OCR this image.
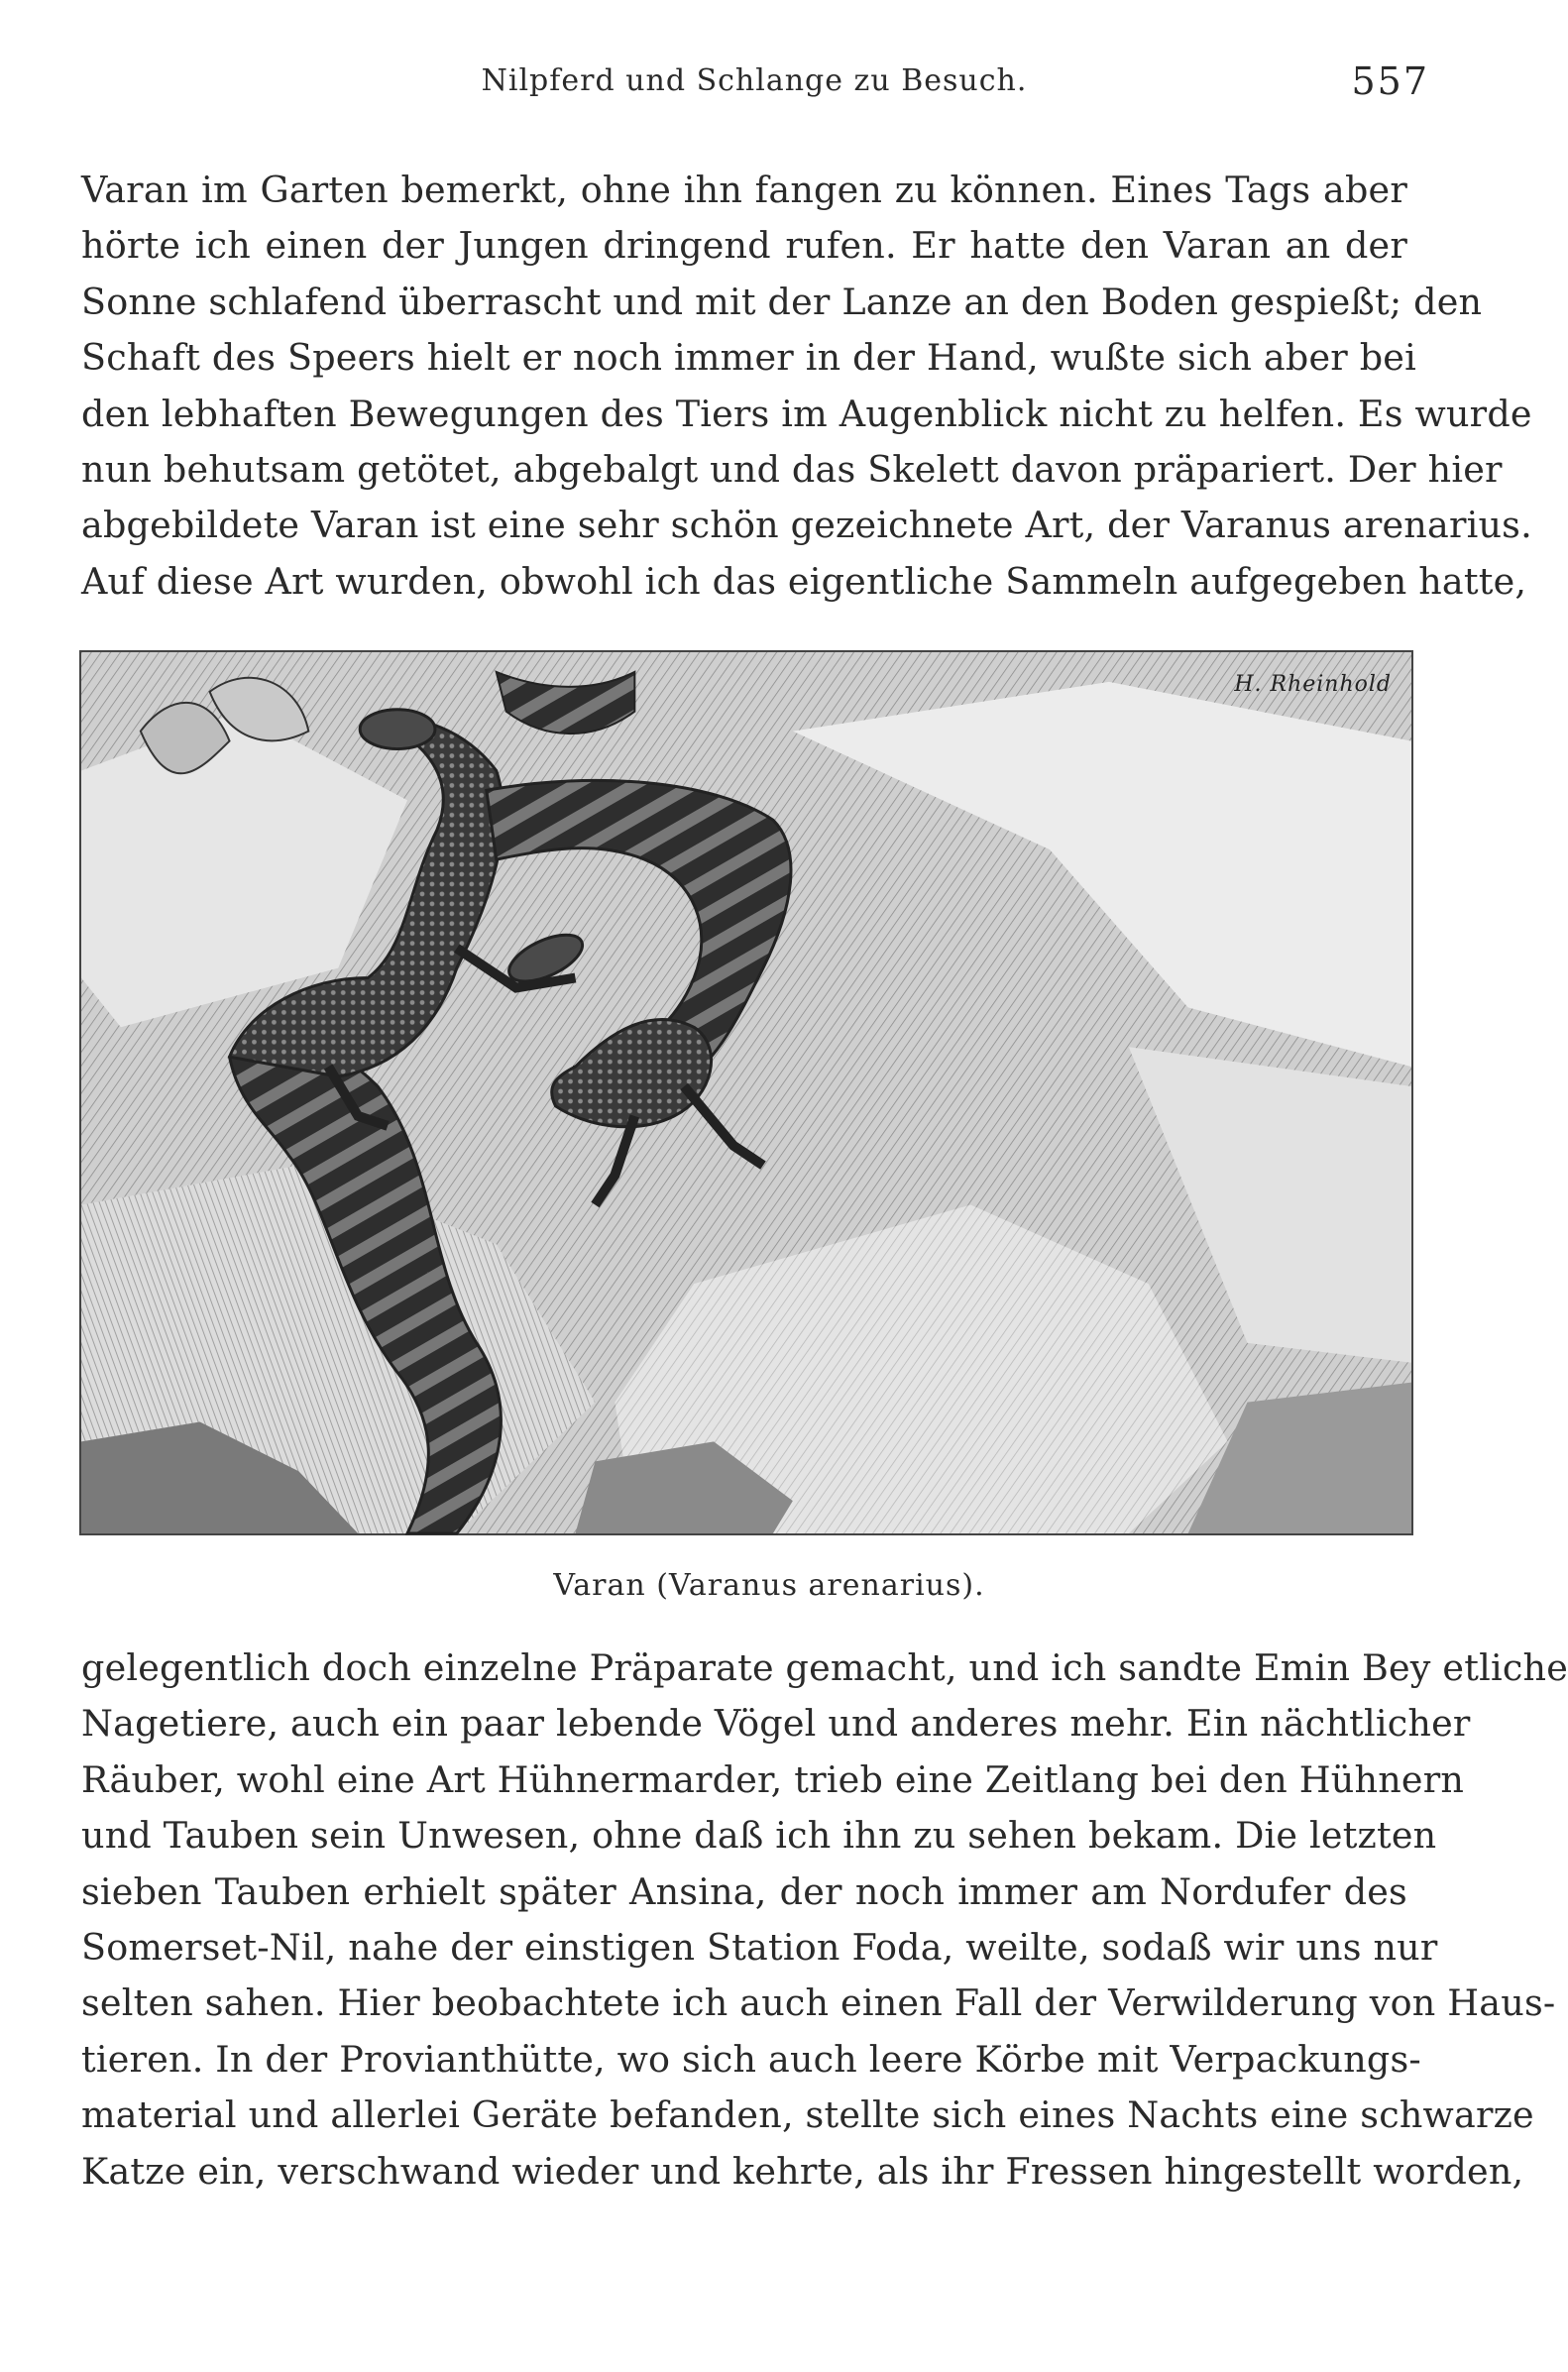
Nilpferd und Schlange zu Besuch.	557
Varan im Garten bemerkt, ohne ihn fangen zu können. Eines Tags aber
hörte ich einen der Jungen dringend rufen. Er hatte den Varan an der
Sonne schlafend überrascht und mit der Lanze an den Boden gespießt; den
Schaft des Speers hielt er noch immer in der Hand, wußte sich aber bei
den lebhaften Bewegungen des Tiers im Augenblick nicht zu helfen. Es wurde
nun behutsam getötet, abgebalgt und das Skelett davon präpariert. Der hier
abgebildete Varan ist eine sehr schön gezeichnete Art, der Varanus arenarius.
Auf diese Art wurden, obwohl ich das eigentliche Sammeln aufgegeben hatte,
H. Rheinhold
Varan (Varanus arenarius).
gelegentlich doch einzelne Präparate gemacht, und ich sandte Emin Bey etliche
Nagetiere, auch ein paar lebende Vögel und anderes mehr. Ein nächtlicher
Räuber, wohl eine Art Hühnermarder, trieb eine Zeitlang bei den Hühnern
und Tauben sein Unwesen, ohne daß ich ihn zu sehen bekam. Die letzten
sieben Tauben erhielt später Ansina, der noch immer am Nordufer des
Somerset-Nil, nahe der einstigen Station Foda, weilte, sodaß wir uns nur
selten sahen. Hier beobachtete ich auch einen Fall der Verwilderung von Haus-
tieren. In der Provianthütte, wo sich auch leere Körbe mit Verpackungs-
material und allerlei Geräte befanden, stellte sich eines Nachts eine schwarze
Katze ein, verschwand wieder und kehrte, als ihr Fressen hingestellt worden,
